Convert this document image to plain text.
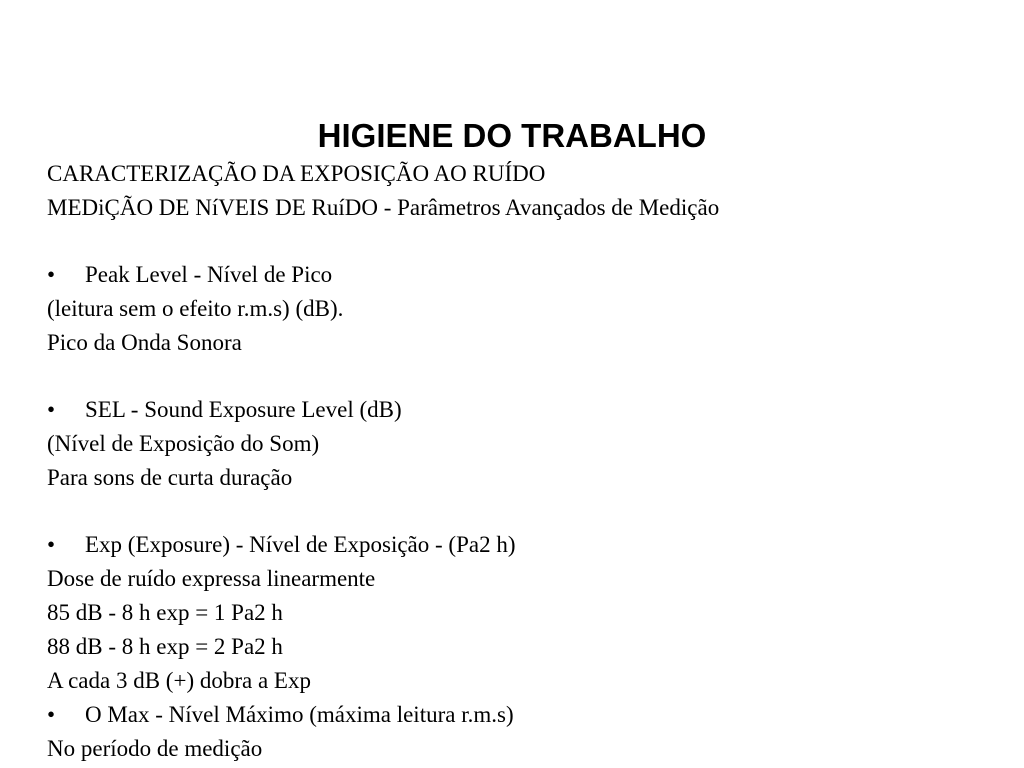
HIGIENE DO TRABALHO
CARACTERIZAÇÃO DA EXPOSIÇÃO AO RUÍDO
MEDiÇÃO DE NíVEIS DE RuíDO - Parâmetros Avançados de Medição
• Peak Level - Nível de Pico
(leitura sem o efeito r.m.s) (dB).
Pico da Onda Sonora
• SEL - Sound Exposure Level (dB)
(Nível de Exposição do Som)
Para sons de curta duração
• Exp (Exposure) - Nível de Exposição - (Pa2 h)
Dose de ruído expressa linearmente
85 dB - 8 h exp = 1 Pa2 h
88 dB - 8 h exp = 2 Pa2 h
A cada 3 dB (+) dobra a Exp
• O Max - Nível Máximo (máxima leitura r.m.s)
No período de medição
